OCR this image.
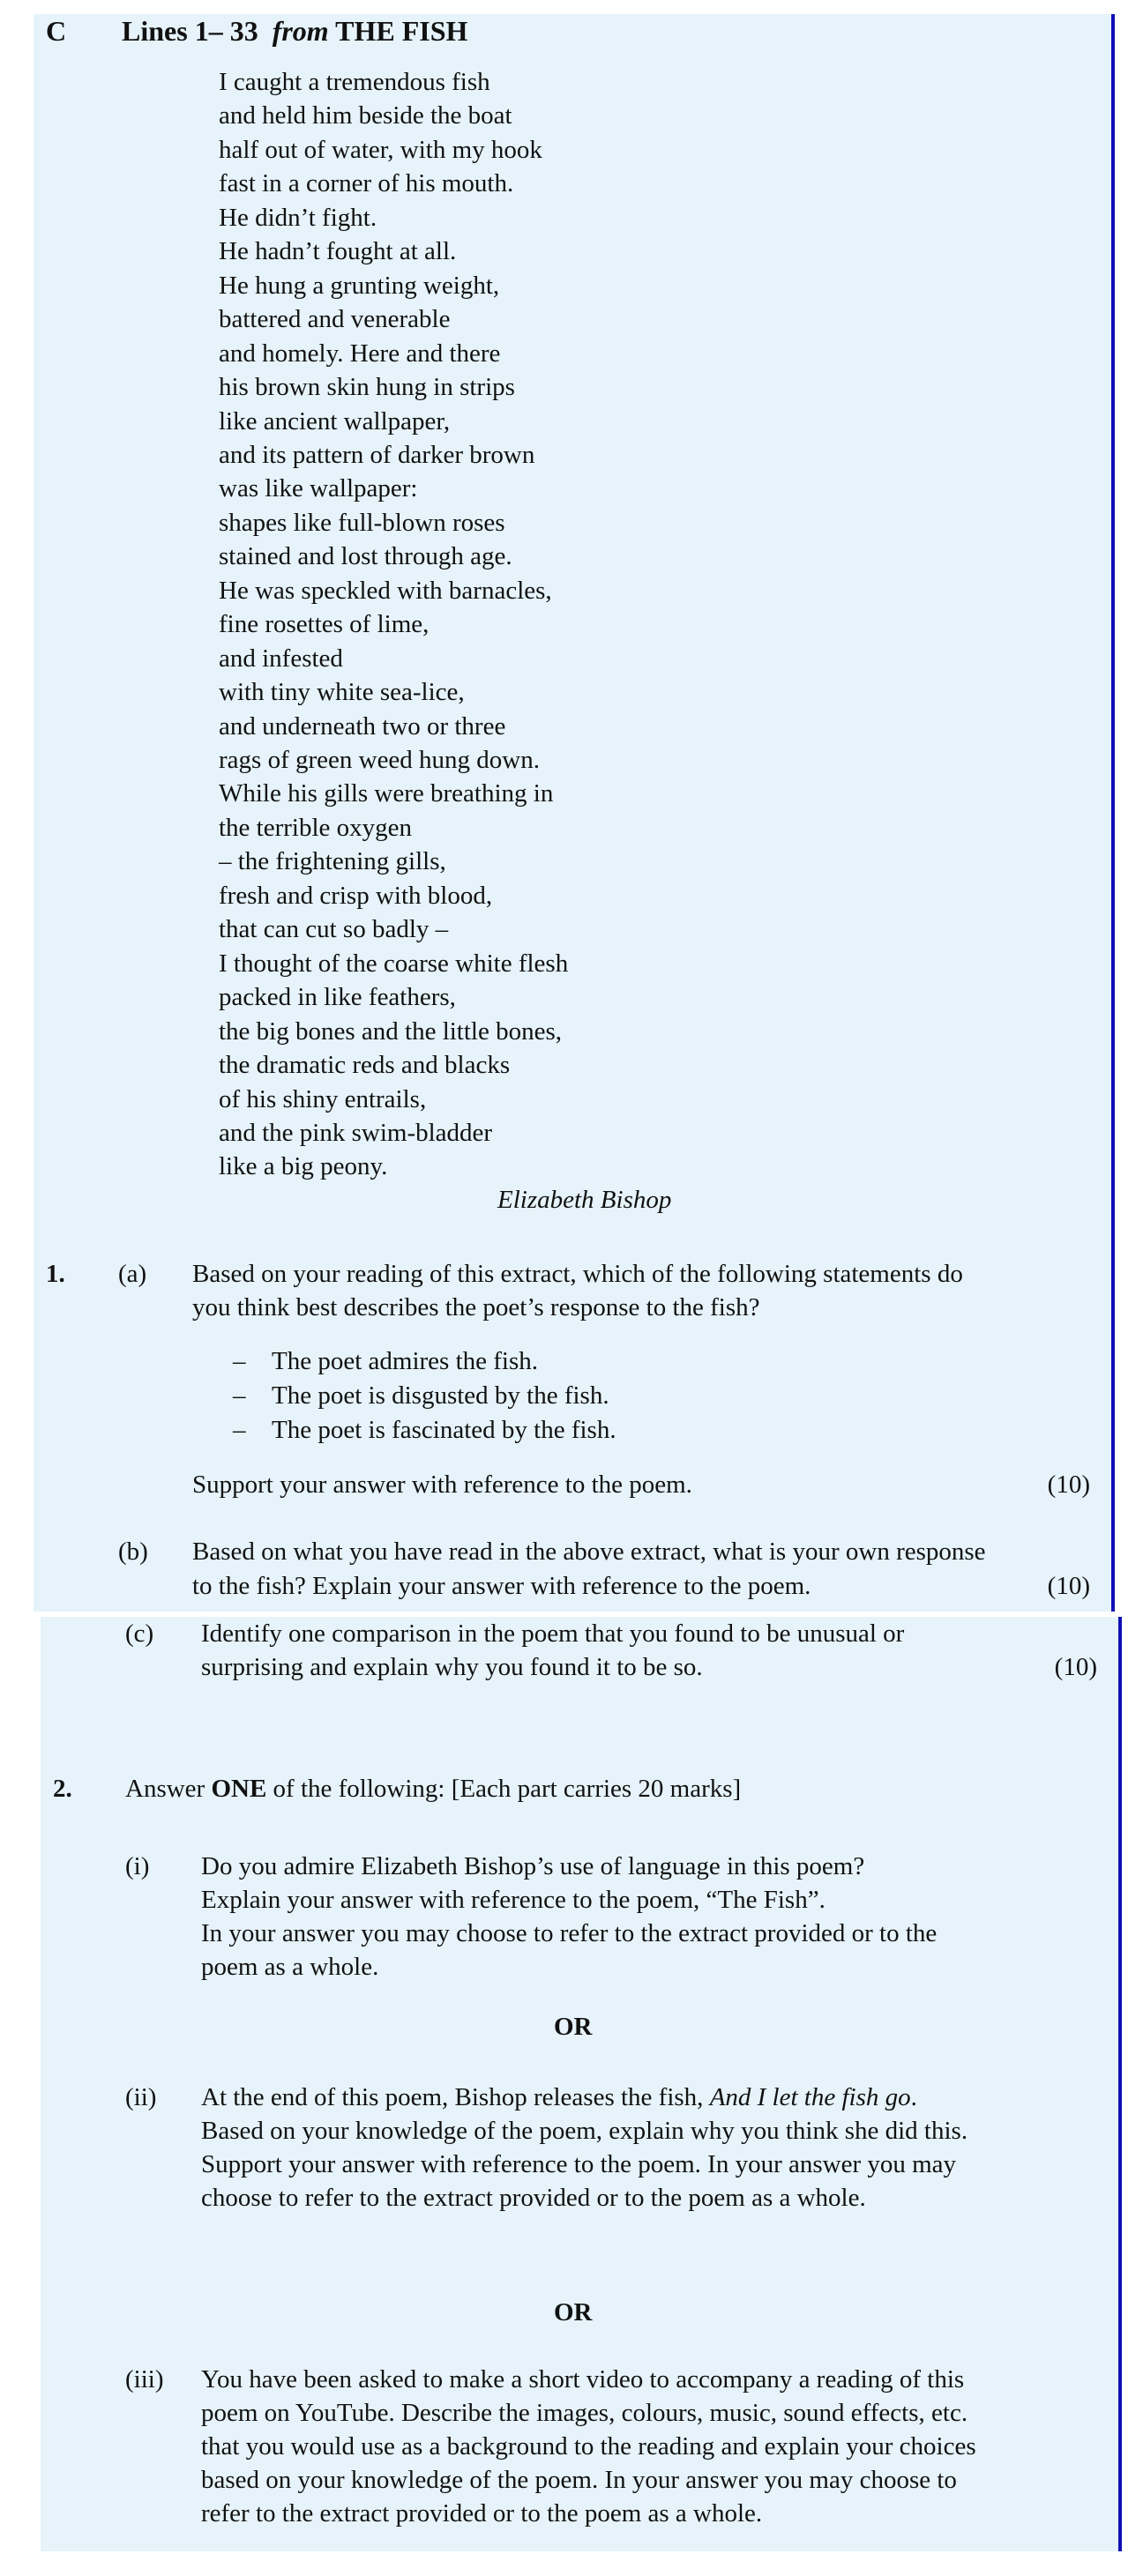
C Lines 1– 33 from THE FISH
I caught a tremendous fish
and held him beside the boat
half out of water, with my hook
fast in a corner of his mouth.
He didn’t fight.
He hadn’t fought at all.
He hung a grunting weight,
battered and venerable
and homely. Here and there
his brown skin hung in strips
like ancient wallpaper,
and its pattern of darker brown
was like wallpaper:
shapes like full-blown roses
stained and lost through age.
He was speckled with barnacles,
fine rosettes of lime,
and infested
with tiny white sea-lice,
and underneath two or three
rags of green weed hung down.
While his gills were breathing in
the terrible oxygen
– the frightening gills,
fresh and crisp with blood,
that can cut so badly –
I thought of the coarse white flesh
packed in like feathers,
the big bones and the little bones,
the dramatic reds and blacks
of his shiny entrails,
and the pink swim-bladder
like a big peony.
Elizabeth Bishop
1. (a) Based on your reading of this extract, which of the following statements do
you think best describes the poet’s response to the fish?
– The poet admires the fish.
– The poet is disgusted by the fish.
– The poet is fascinated by the fish.
Support your answer with reference to the poem.	(10)
(b) Based on what you have read in the above extract, what is your own response
to the fish? Explain your answer with reference to the poem.	(10)
(c) Identify one comparison in the poem that you found to be unusual or
surprising and explain why you found it to be so.	(10)
2. Answer ONE of the following: [Each part carries 20 marks]
(i) Do you admire Elizabeth Bishop’s use of language in this poem?
Explain your answer with reference to the poem, “The Fish”.
In your answer you may choose to refer to the extract provided or to the
poem as a whole.
OR
(ii) At the end of this poem, Bishop releases the fish, And I let the fish go.
Based on your knowledge of the poem, explain why you think she did this.
Support your answer with reference to the poem. In your answer you may
choose to refer to the extract provided or to the poem as a whole.
OR
(iii) You have been asked to make a short video to accompany a reading of this
poem on YouTube. Describe the images, colours, music, sound effects, etc.
that you would use as a background to the reading and explain your choices
based on your knowledge of the poem. In your answer you may choose to
refer to the extract provided or to the poem as a whole.
